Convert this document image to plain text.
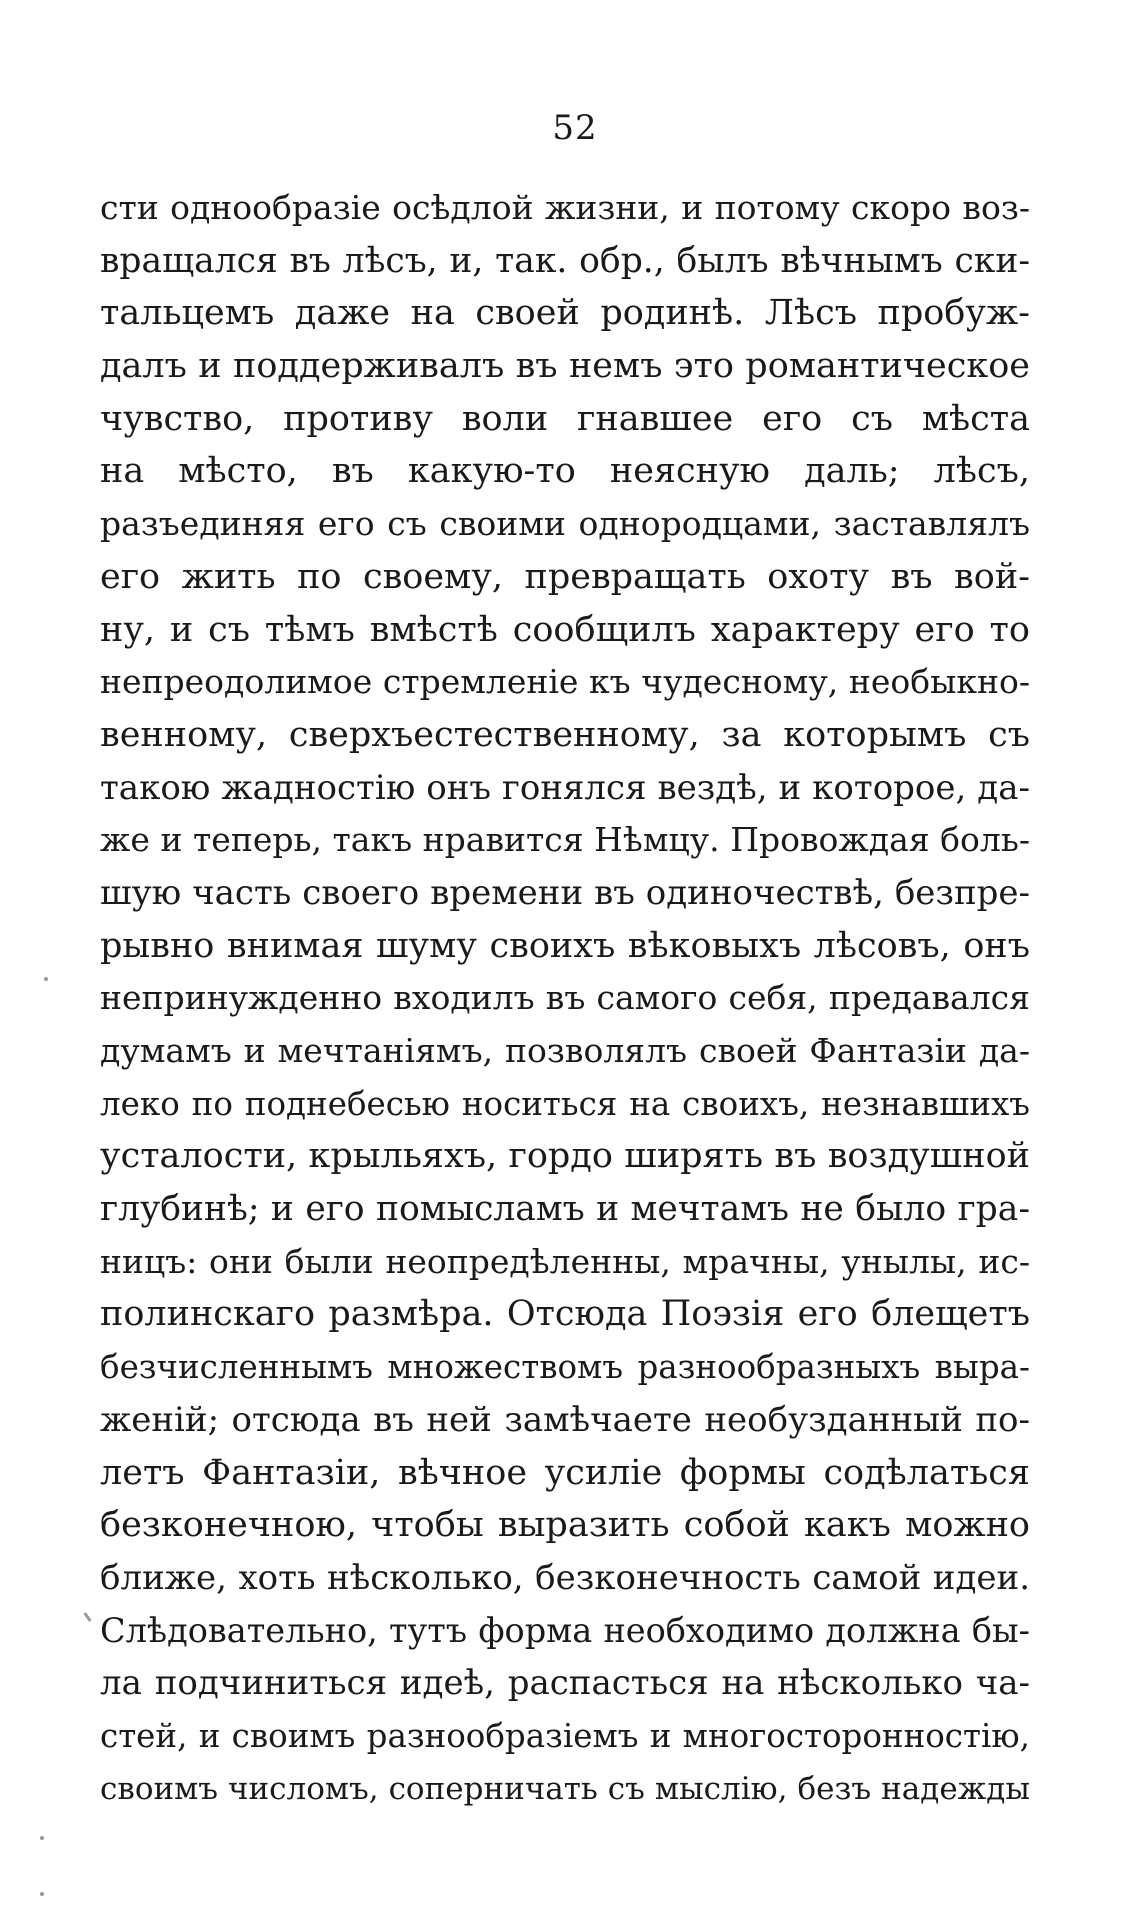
52
сти однообразіе осѣдлой жизни, и потому скоро воз-
вращался въ лѣсъ, и, так. обр., былъ вѣчнымъ ски-
тальцемъ даже на своей родинѣ. Лѣсъ пробуж-
далъ и поддерживалъ въ немъ это романтическое
чувство, противу воли гнавшее его съ мѣста
на мѣсто, въ какую-то неясную даль; лѣсъ,
разъединяя его съ своими однородцами, заставлялъ
его жить по своему, превращать охоту въ вой-
ну, и съ тѣмъ вмѣстѣ сообщилъ характеру его то
непреодолимое стремленіе къ чудесному, необыкно-
венному, сверхъестественному, за которымъ съ
такою жадностію онъ гонялся вездѣ, и которое, да-
же и теперь, такъ нравится Нѣмцу. Провождая боль-
шую часть своего времени въ одиночествѣ, безпре-
рывно внимая шуму своихъ вѣковыхъ лѣсовъ, онъ
непринужденно входилъ въ самого себя, предавался
думамъ и мечтаніямъ, позволялъ своей Фантазіи да-
леко по поднебесью носиться на своихъ, незнавшихъ
усталости, крыльяхъ, гордо ширять въ воздушной
глубинѣ; и его помысламъ и мечтамъ не было гра-
ницъ: они были неопредѣленны, мрачны, унылы, ис-
полинскаго размѣра. Отсюда Поэзія его блещетъ
безчисленнымъ множествомъ разнообразныхъ выра-
женій; отсюда въ ней замѣчаете необузданный по-
летъ Фантазіи, вѣчное усиліе формы содѣлаться
безконечною, чтобы выразить собой какъ можно
ближе, хоть нѣсколько, безконечность самой идеи.
Слѣдовательно, тутъ форма необходимо должна бы-
ла подчиниться идеѣ, распасться на нѣсколько ча-
стей, и своимъ разнообразіемъ и многосторонностію,
своимъ числомъ, соперничать съ мыслію, безъ надежды
